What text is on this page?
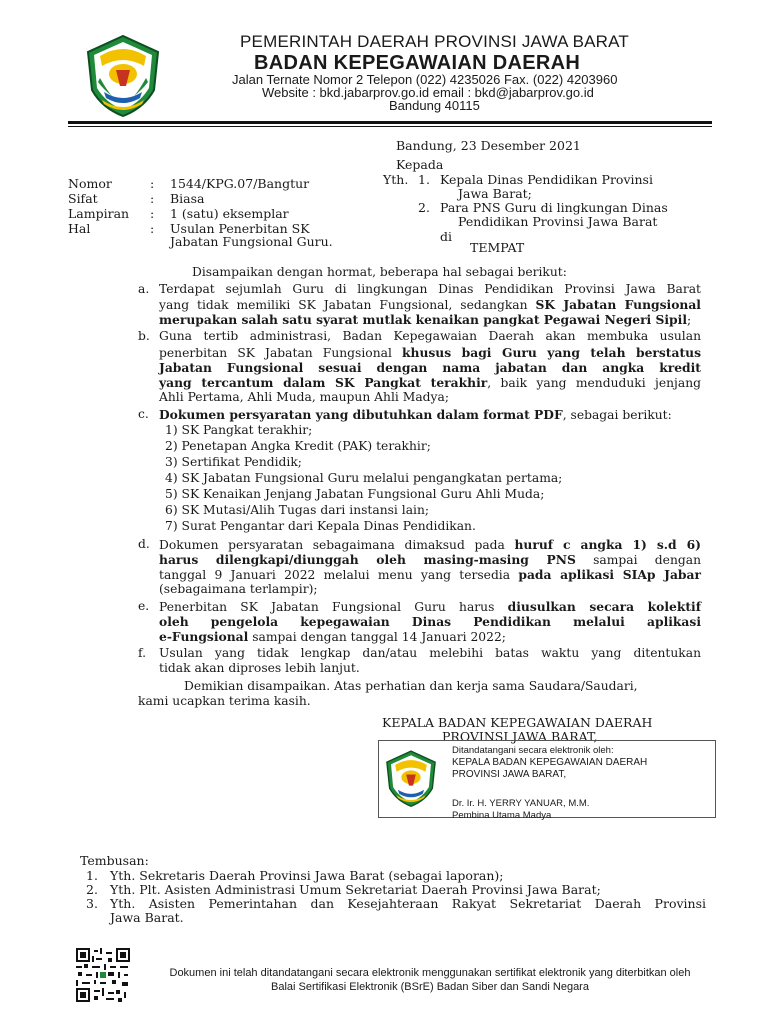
PEMERINTAH DAERAH PROVINSI JAWA BARAT
BADAN KEPEGAWAIAN DAERAH
Jalan Ternate Nomor 2 Telepon (022) 4235026 Fax. (022) 4203960
Website : bkd.jabarprov.go.id email : bkd@jabarprov.go.id
Bandung 40115
Bandung, 23 Desember 2021
Kepada
Yth. 1. Kepala Dinas Pendidikan Provinsi
Jawa Barat;
2. Para PNS Guru di lingkungan Dinas
Pendidikan Provinsi Jawa Barat
di
TEMPAT
Nomor	: 1544/KPG.07/Bangtur
Sifat	: Biasa
Lampiran : 1 (satu) eksemplar
Hal	: Usulan Penerbitan SK
Jabatan Fungsional Guru.
Disampaikan dengan hormat, beberapa hal sebagai berikut:
a. Terdapat sejumlah Guru di lingkungan Dinas Pendidikan Provinsi Jawa Barat
yang tidak memiliki SK Jabatan Fungsional, sedangkan SK Jabatan Fungsional
merupakan salah satu syarat mutlak kenaikan pangkat Pegawai Negeri Sipil;
b. Guna tertib administrasi, Badan Kepegawaian Daerah akan membuka usulan
penerbitan SK Jabatan Fungsional khusus bagi Guru yang telah berstatus
Jabatan Fungsional sesuai dengan nama jabatan dan angka kredit
yang tercantum dalam SK Pangkat terakhir, baik yang menduduki jenjang
Ahli Pertama, Ahli Muda, maupun Ahli Madya;
c. Dokumen persyaratan yang dibutuhkan dalam format PDF, sebagai berikut:
1) SK Pangkat terakhir;
2) Penetapan Angka Kredit (PAK) terakhir;
3) Sertifikat Pendidik;
4) SK Jabatan Fungsional Guru melalui pengangkatan pertama;
5) SK Kenaikan Jenjang Jabatan Fungsional Guru Ahli Muda;
6) SK Mutasi/Alih Tugas dari instansi lain;
7) Surat Pengantar dari Kepala Dinas Pendidikan.
d. Dokumen persyaratan sebagaimana dimaksud pada huruf c angka 1) s.d 6)
harus dilengkapi/diunggah oleh masing-masing PNS sampai dengan
tanggal 9 Januari 2022 melalui menu yang tersedia pada aplikasi SIAp Jabar
(sebagaimana terlampir);
e. Penerbitan SK Jabatan Fungsional Guru harus diusulkan secara kolektif
oleh pengelola kepegawaian Dinas Pendidikan melalui aplikasi
e-Fungsional sampai dengan tanggal 14 Januari 2022;
f. Usulan yang tidak lengkap dan/atau melebihi batas waktu yang ditentukan
tidak akan diproses lebih lanjut.
Demikian disampaikan. Atas perhatian dan kerja sama Saudara/Saudari,
kami ucapkan terima kasih.
KEPALA BADAN KEPEGAWAIAN DAERAH
PROVINSI JAWA BARAT,
Ditandatangani secara elektronik oleh:
KEPALA BADAN KEPEGAWAIAN DAERAH
PROVINSI JAWA BARAT,
Dr. Ir. H. YERRY YANUAR, M.M.
Pembina Utama Madya
Tembusan:
1. Yth. Sekretaris Daerah Provinsi Jawa Barat (sebagai laporan);
2. Yth. Plt. Asisten Administrasi Umum Sekretariat Daerah Provinsi Jawa Barat;
3. Yth. Asisten Pemerintahan dan Kesejahteraan Rakyat Sekretariat Daerah Provinsi
Jawa Barat.
Dokumen ini telah ditandatangani secara elektronik menggunakan sertifikat elektronik yang diterbitkan oleh
Balai Sertifikasi Elektronik (BSrE) Badan Siber dan Sandi Negara
